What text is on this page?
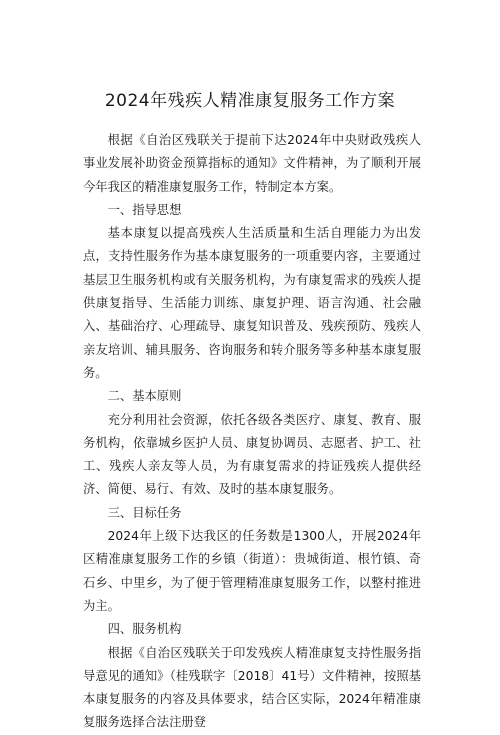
2024年残疾人精准康复服务工作方案

根据《自治区残联关于提前下达2024年中央财政残疾人事业发展补助资金预算指标的通知》文件精神，为了顺利开展今年我区的精准康复服务工作，特制定本方案。

一、指导思想

基本康复以提高残疾人生活质量和生活自理能力为出发点，支持性服务作为基本康复服务的一项重要内容，主要通过基层卫生服务机构或有关服务机构，为有康复需求的残疾人提供康复指导、生活能力训练、康复护理、语言沟通、社会融入、基础治疗、心理疏导、康复知识普及、残疾预防、残疾人亲友培训、辅具服务、咨询服务和转介服务等多种基本康复服务。

二、基本原则

充分利用社会资源，依托各级各类医疗、康复、教育、服务机构，依靠城乡医护人员、康复协调员、志愿者、护工、社工、残疾人亲友等人员，为有康复需求的持证残疾人提供经济、简便、易行、有效、及时的基本康复服务。

三、目标任务

2024年上级下达我区的任务数是1300人，开展2024年区精准康复服务工作的乡镇（街道）：贵城街道、根竹镇、奇石乡、中里乡，为了便于管理精准康复服务工作，以整村推进为主。

四、服务机构

根据《自治区残联关于印发残疾人精准康复支持性服务指导意见的通知》（桂残联字〔2018〕41号）文件精神，按照基本康复服务的内容及具体要求，结合区实际，2024年精准康复服务选择合法注册登
